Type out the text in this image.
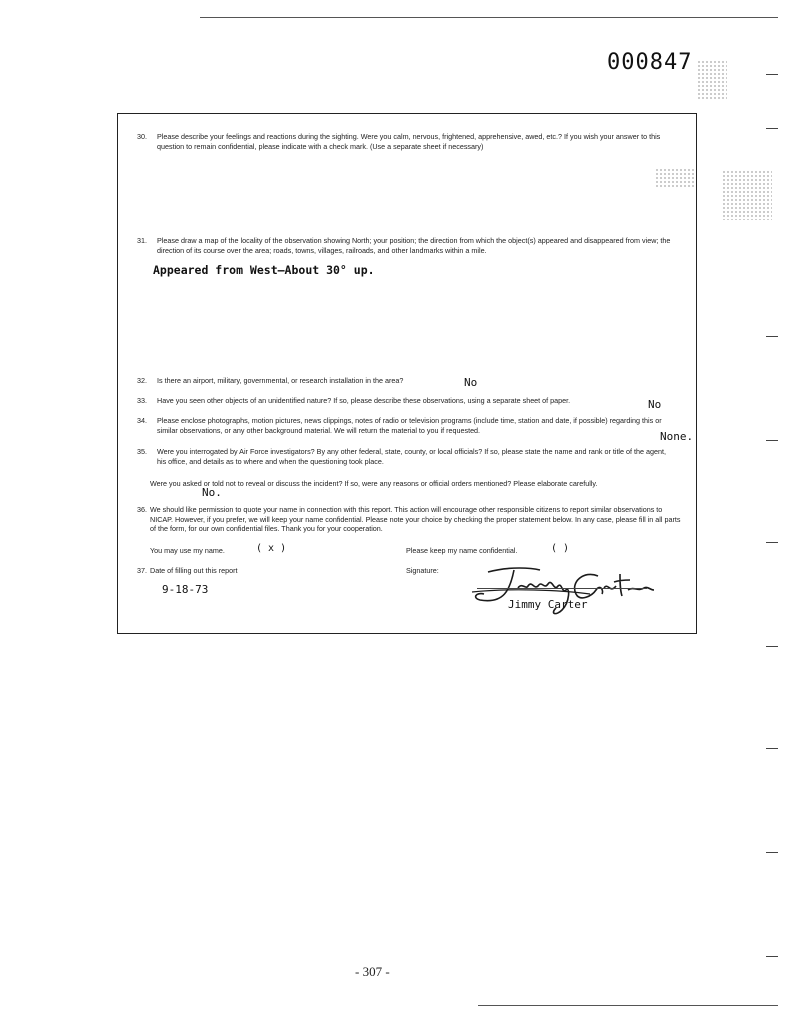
000847
30. Please describe your feelings and reactions during the sighting. Were you calm, nervous, frightened, apprehensive, awed, etc.? If you wish your answer to this question to remain confidential, please indicate with a check mark. (Use a separate sheet if necessary)
31. Please draw a map of the locality of the observation showing North; your position; the direction from which the object(s) appeared and disappeared from view; the direction of its course over the area; roads, towns, villages, railroads, and other landmarks within a mile.
Appeared from West—About 30° up.
32. Is there an airport, military, governmental, or research installation in the area?	No
33. Have you seen other objects of an unidentified nature? If so, please describe these observations, using a separate sheet of paper.	No
34. Please enclose photographs, motion pictures, news clippings, notes of radio or television programs (include time, station and date, if possible) regarding this or similar observations, or any other background material. We will return the material to you if requested.	None.
35. Were you interrogated by Air Force investigators? By any other federal, state, county, or local officials? If so, please state the name and rank or title of the agent, his office, and details as to where and when the questioning took place.
Were you asked or told not to reveal or discuss the incident? If so, were any reasons or official orders mentioned? Please elaborate carefully.
No.
36. We should like permission to quote your name in connection with this report. This action will encourage other responsible citizens to report similar observations to NICAP. However, if you prefer, we will keep your name confidential. Please note your choice by checking the proper statement below. In any case, please fill in all parts of the form, for our own confidential files. Thank you for your cooperation.
You may use my name.	( x )	Please keep my name confidential.	( )
37. Date of filling out this report
9-18-73
Signature:
Jimmy Carter
- 307 -
